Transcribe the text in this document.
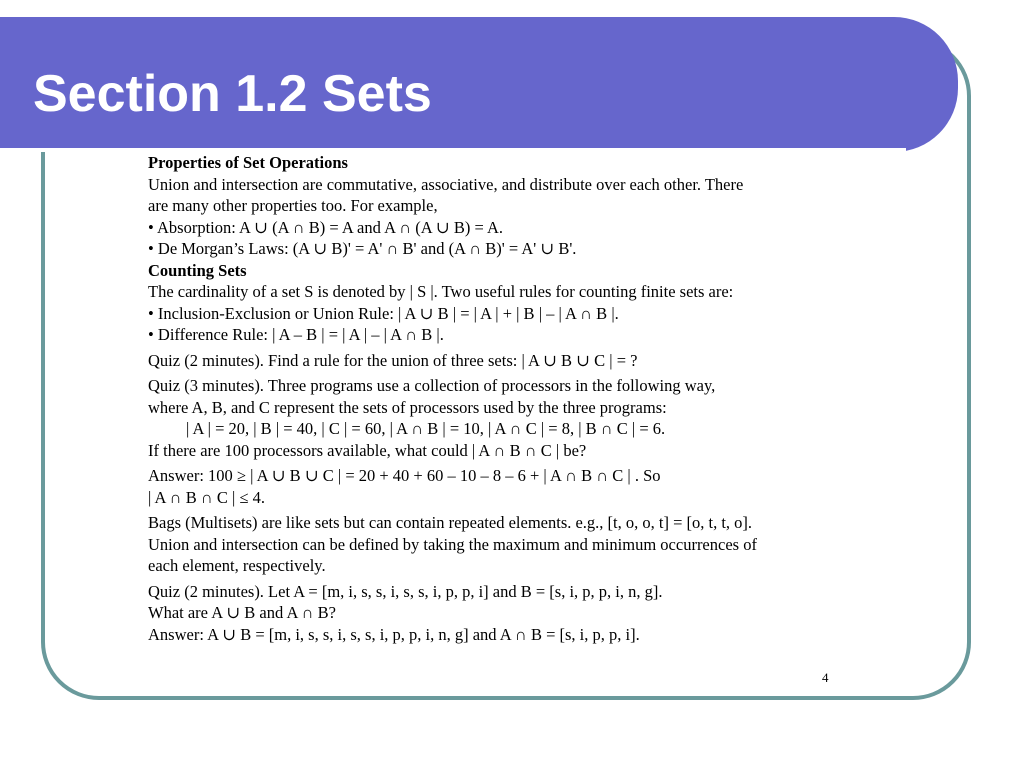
Section 1.2 Sets

Properties of Set Operations

Union and intersection are commutative, associative, and distribute over each other. There

are many other properties too. For example,

• Absorption: A ∪ (A ∩ B) = A and A ∩ (A ∪ B) = A.

• De Morgan’s Laws: (A ∪ B)' = A' ∩ B' and (A ∩ B)' = A' ∪ B'.

Counting Sets

The cardinality of a set S is denoted by | S |. Two useful rules for counting finite sets are:

• Inclusion-Exclusion or Union Rule: | A ∪ B | = | A | + | B | – | A ∩ B |.

• Difference Rule: | A – B | = | A | – | A ∩ B |.

Quiz (2 minutes). Find a rule for the union of three sets: | A ∪ B ∪ C | = ?

Quiz (3 minutes). Three programs use a collection of processors in the following way,

where A, B, and C represent the sets of processors used by the three programs:

| A | = 20, | B | = 40, | C | = 60, | A ∩ B | = 10, | A ∩ C | = 8, | B ∩ C | = 6.

If there are 100 processors available, what could | A ∩ B ∩ C | be?

Answer: 100 ≥ | A ∪ B ∪ C | = 20 + 40 + 60 – 10 – 8 – 6 + | A ∩ B ∩ C | . So

| A ∩ B ∩ C | ≤ 4.

Bags (Multisets) are like sets but can contain repeated elements. e.g., [t, o, o, t] = [o, t, t, o].

Union and intersection can be defined by taking the maximum and minimum occurrences of

each element, respectively.

Quiz (2 minutes). Let A = [m, i, s, s, i, s, s, i, p, p, i] and B = [s, i, p, p, i, n, g].

What are A ∪ B and A ∩ B?

Answer: A ∪ B = [m, i, s, s, i, s, s, i, p, p, i, n, g] and A ∩ B = [s, i, p, p, i].

4
